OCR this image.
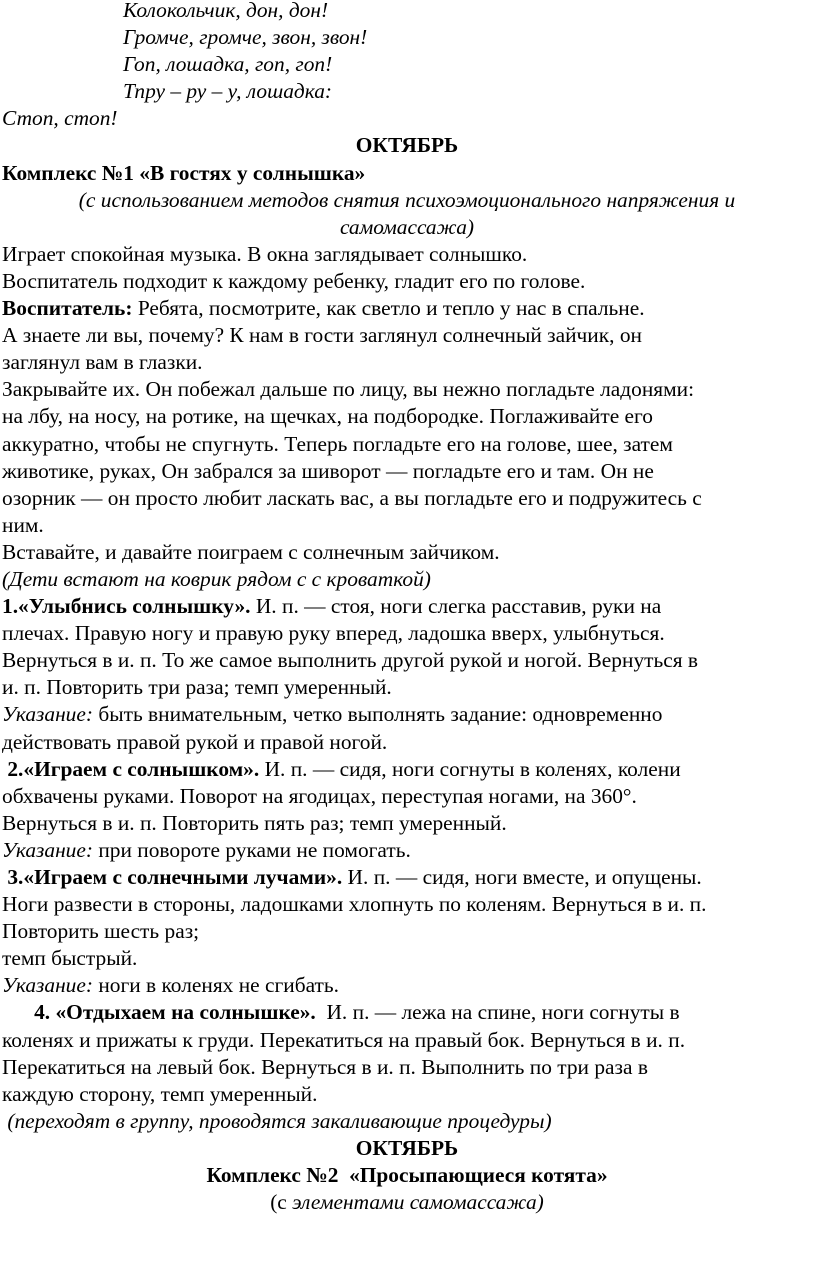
Колокольчик, дон, дон!
Громче, громче, звон, звон!
Гоп, лошадка, гоп, гоп!
Тпру – ру – у, лошадка:
Стоп, стоп!
ОКТЯБРЬ
Комплекс №1 «В гостях у солнышка»
(с использованием методов снятия психоэмоционального напряжения и
самомассажа)
Играет спокойная музыка. В окна заглядывает солнышко.
Воспитатель подходит к каждому ребенку, гладит его по голове.
Воспитатель: Ребята, посмотрите, как светло и тепло у нас в спальне.
А знаете ли вы, почему? К нам в гости заглянул солнечный зайчик, он
заглянул вам в глазки.
Закрывайте их. Он побежал дальше по лицу, вы нежно погладьте ладонями:
на лбу, на носу, на ротике, на щечках, на подбородке. Поглаживайте его
аккуратно, чтобы не спугнуть. Теперь погладьте его на голове, шее, затем
животике, руках, Он забрался за шиворот — погладьте его и там. Он не
озорник — он просто любит ласкать вас, а вы погладьте его и подружитесь с
ним.
Вставайте, и давайте поиграем с солнечным зайчиком.
(Дети встают на коврик рядом с с кроваткой)
1.«Улыбнись солнышку». И. п. — стоя, ноги слегка расставив, руки на
плечах. Правую ногу и правую руку вперед, ладошка вверх, улыбнуться.
Вернуться в и. п. То же самое выполнить другой рукой и ногой. Вернуться в
и. п. Повторить три раза; темп умеренный.
Указание: быть внимательным, четко выполнять задание: одновременно
действовать правой рукой и правой ногой.
2.«Играем с солнышком». И. п. — сидя, ноги согнуты в коленях, колени
обхвачены руками. Поворот на ягодицах, переступая ногами, на 360°.
Вернуться в и. п. Повторить пять раз; темп умеренный.
Указание: при повороте руками не помогать.
3.«Играем с солнечными лучами». И. п. — сидя, ноги вместе, и опущены.
Ноги развести в стороны, ладошками хлопнуть по коленям. Вернуться в и. п.
Повторить шесть раз;
темп быстрый.
Указание: ноги в коленях не сгибать.
4. «Отдыхаем на солнышке».  И. п. — лежа на спине, ноги согнуты в
коленях и прижаты к груди. Перекатиться на правый бок. Вернуться в и. п.
Перекатиться на левый бок. Вернуться в и. п. Выполнить по три раза в
каждую сторону, темп умеренный.
(переходят в группу, проводятся закаливающие процедуры)
ОКТЯБРЬ
Комплекс №2  «Просыпающиеся котята»
(с элементами самомассажа)
